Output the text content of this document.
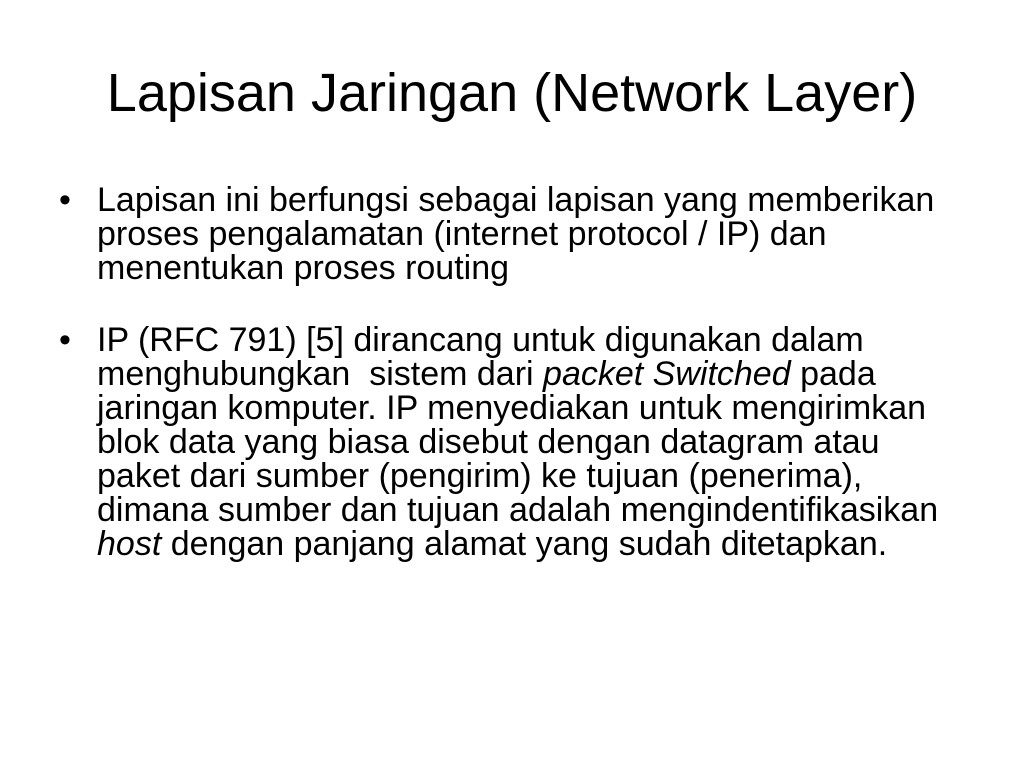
Lapisan Jaringan (Network Layer)
• Lapisan ini berfungsi sebagai lapisan yang memberikan
proses pengalamatan (internet protocol / IP) dan
menentukan proses routing
• IP (RFC 791) [5] dirancang untuk digunakan dalam
menghubungkan  sistem dari packet Switched pada
jaringan komputer. IP menyediakan untuk mengirimkan
blok data yang biasa disebut dengan datagram atau
paket dari sumber (pengirim) ke tujuan (penerima),
dimana sumber dan tujuan adalah mengindentifikasikan
host dengan panjang alamat yang sudah ditetapkan.
